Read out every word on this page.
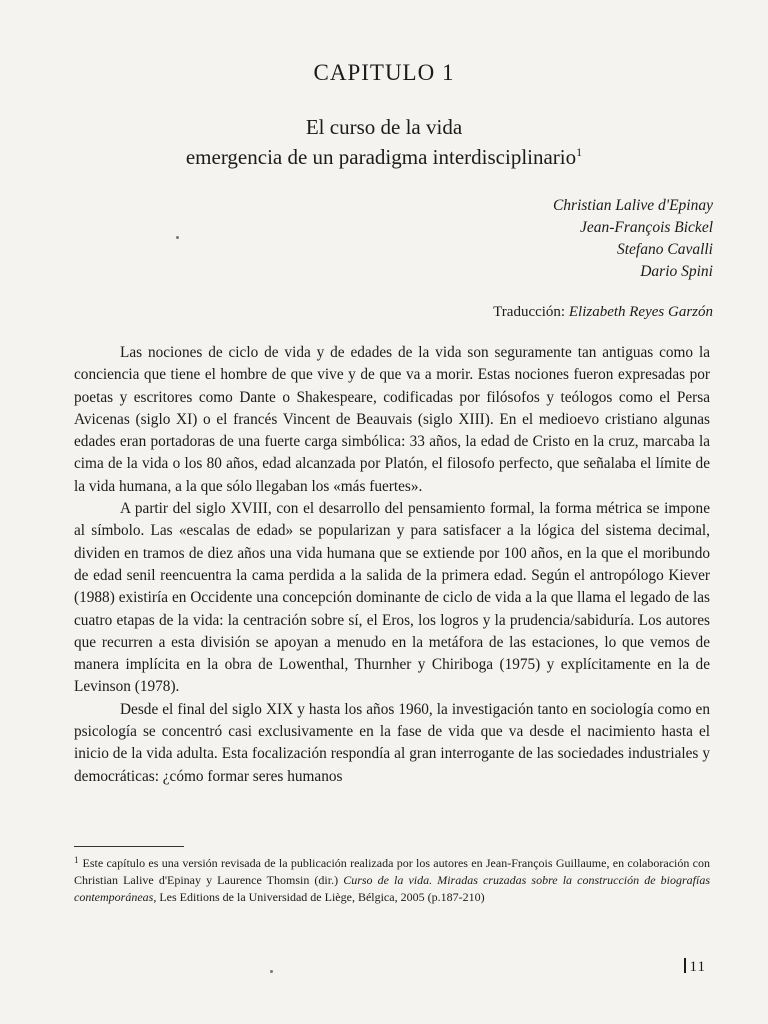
CAPITULO 1
El curso de la vida
emergencia de un paradigma interdisciplinario$^1$
Christian Lalive d'Epinay
Jean-François Bickel
Stefano Cavalli
Dario Spini
Traducción: Elizabeth Reyes Garzón

Las nociones de ciclo de vida y de edades de la vida son seguramente tan antiguas como la conciencia que tiene el hombre de que vive y de que va a morir. Estas nociones fueron expresadas por poetas y escritores como Dante o Shakespeare, codificadas por filósofos y teólogos como el Persa Avicenas (siglo XI) o el francés Vincent de Beauvais (siglo XIII). En el medioevo cristiano algunas edades eran portadoras de una fuerte carga simbólica: 33 años, la edad de Cristo en la cruz, marcaba la cima de la vida o los 80 años, edad alcanzada por Platón, el filosofo perfecto, que señalaba el límite de la vida humana, a la que sólo llegaban los «más fuertes».

A partir del siglo XVIII, con el desarrollo del pensamiento formal, la forma métrica se impone al símbolo. Las «escalas de edad» se popularizan y para satisfacer a la lógica del sistema decimal, dividen en tramos de diez años una vida humana que se extiende por 100 años, en la que el moribundo de edad senil reencuentra la cama perdida a la salida de la primera edad. Según el antropólogo Kiever (1988) existiría en Occidente una concepción dominante de ciclo de vida a la que llama el legado de las cuatro etapas de la vida: la centración sobre sí, el Eros, los logros y la prudencia/sabiduría. Los autores que recurren a esta división se apoyan a menudo en la metáfora de las estaciones, lo que vemos de manera implícita en la obra de Lowenthal, Thurnher y Chiriboga (1975) y explícitamente en la de Levinson (1978).

Desde el final del siglo XIX y hasta los años 1960, la investigación tanto en sociología como en psicología se concentró casi exclusivamente en la fase de vida que va desde el nacimiento hasta el inicio de la vida adulta. Esta focalización respondía al gran interrogante de las sociedades industriales y democráticas: ¿cómo formar seres humanos

$^1$ Este capítulo es una versión revisada de la publicación realizada por los autores en Jean-François Guillaume, en colaboración con Christian Lalive d'Epinay y Laurence Thomsin (dir.) Curso de la vida. Miradas cruzadas sobre la construcción de biografías contemporáneas, Les Editions de la Universidad de Liège, Bélgica, 2005 (p.187-210)
11
